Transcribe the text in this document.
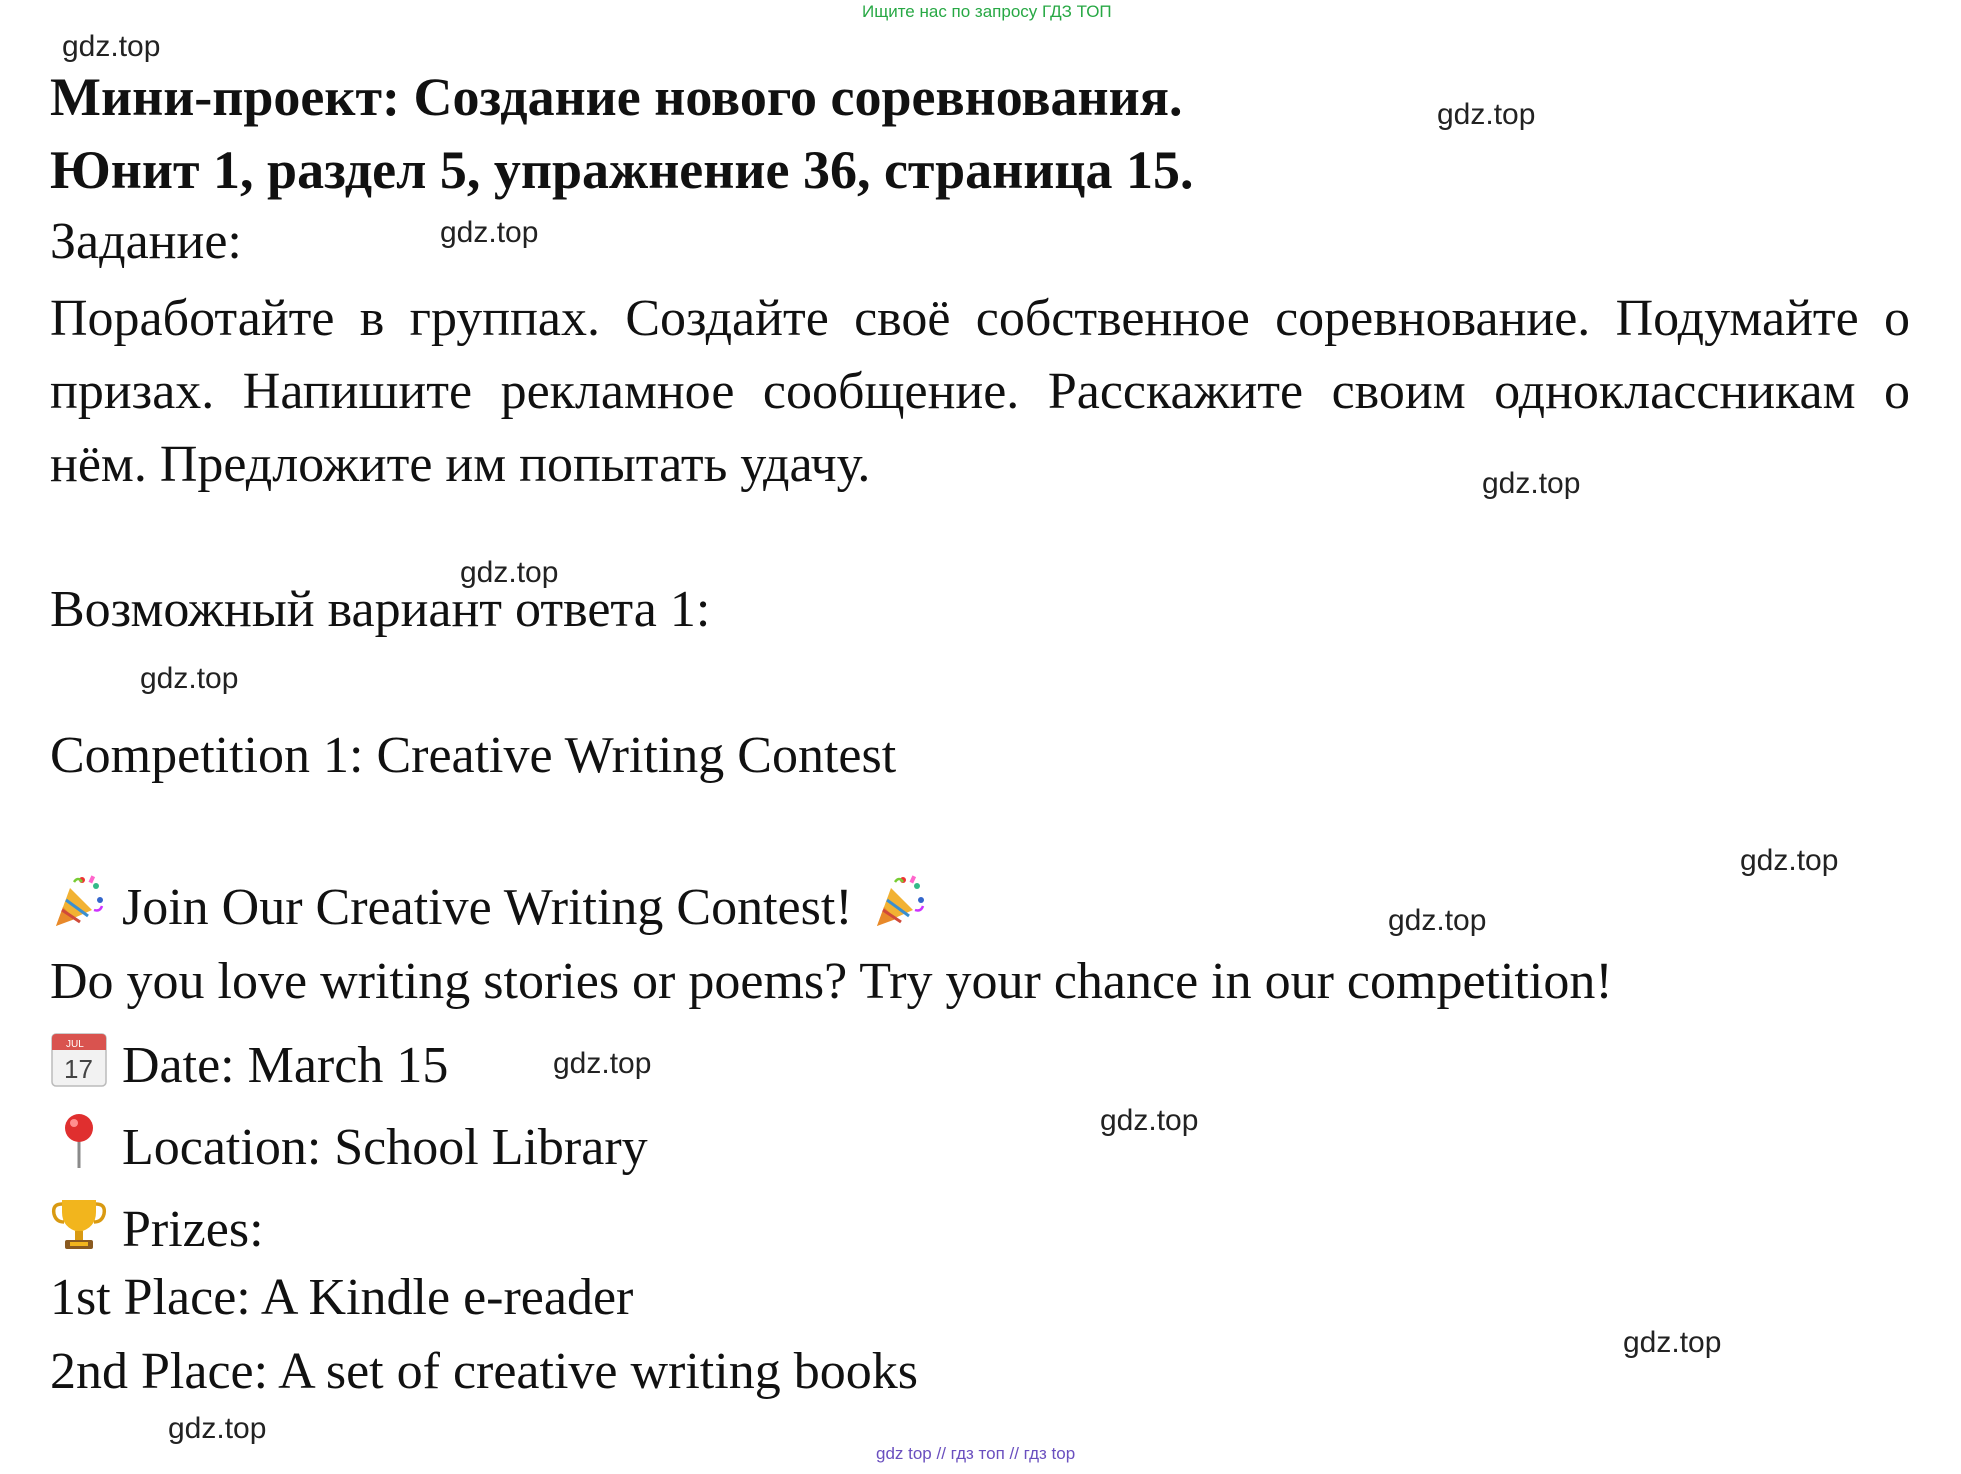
Ищите нас по запросу ГДЗ ТОП
Мини-проект: Создание нового соревнования.
Юнит 1, раздел 5, упражнение 36, страница 15.
Задание:
Поработайте в группах. Создайте своё собственное соревнование. Подумайте о призах. Напишите рекламное сообщение. Расскажите своим одноклассникам о нём. Предложите им попытать удачу.
Возможный вариант ответа 1:
Competition 1: Creative Writing Contest
Join Our Creative Writing Contest!
Do you love writing stories or poems? Try your chance in our competition!
JUL
17 Date: March 15
Location: School Library
Prizes:
1st Place: A Kindle e-reader
2nd Place: A set of creative writing books
gdz.top
gdz.top
gdz.top
gdz.top
gdz.top
gdz.top
gdz.top
gdz.top
gdz.top
gdz.top
gdz.top
gdz.top
gdz top // гдз топ // гдз top
